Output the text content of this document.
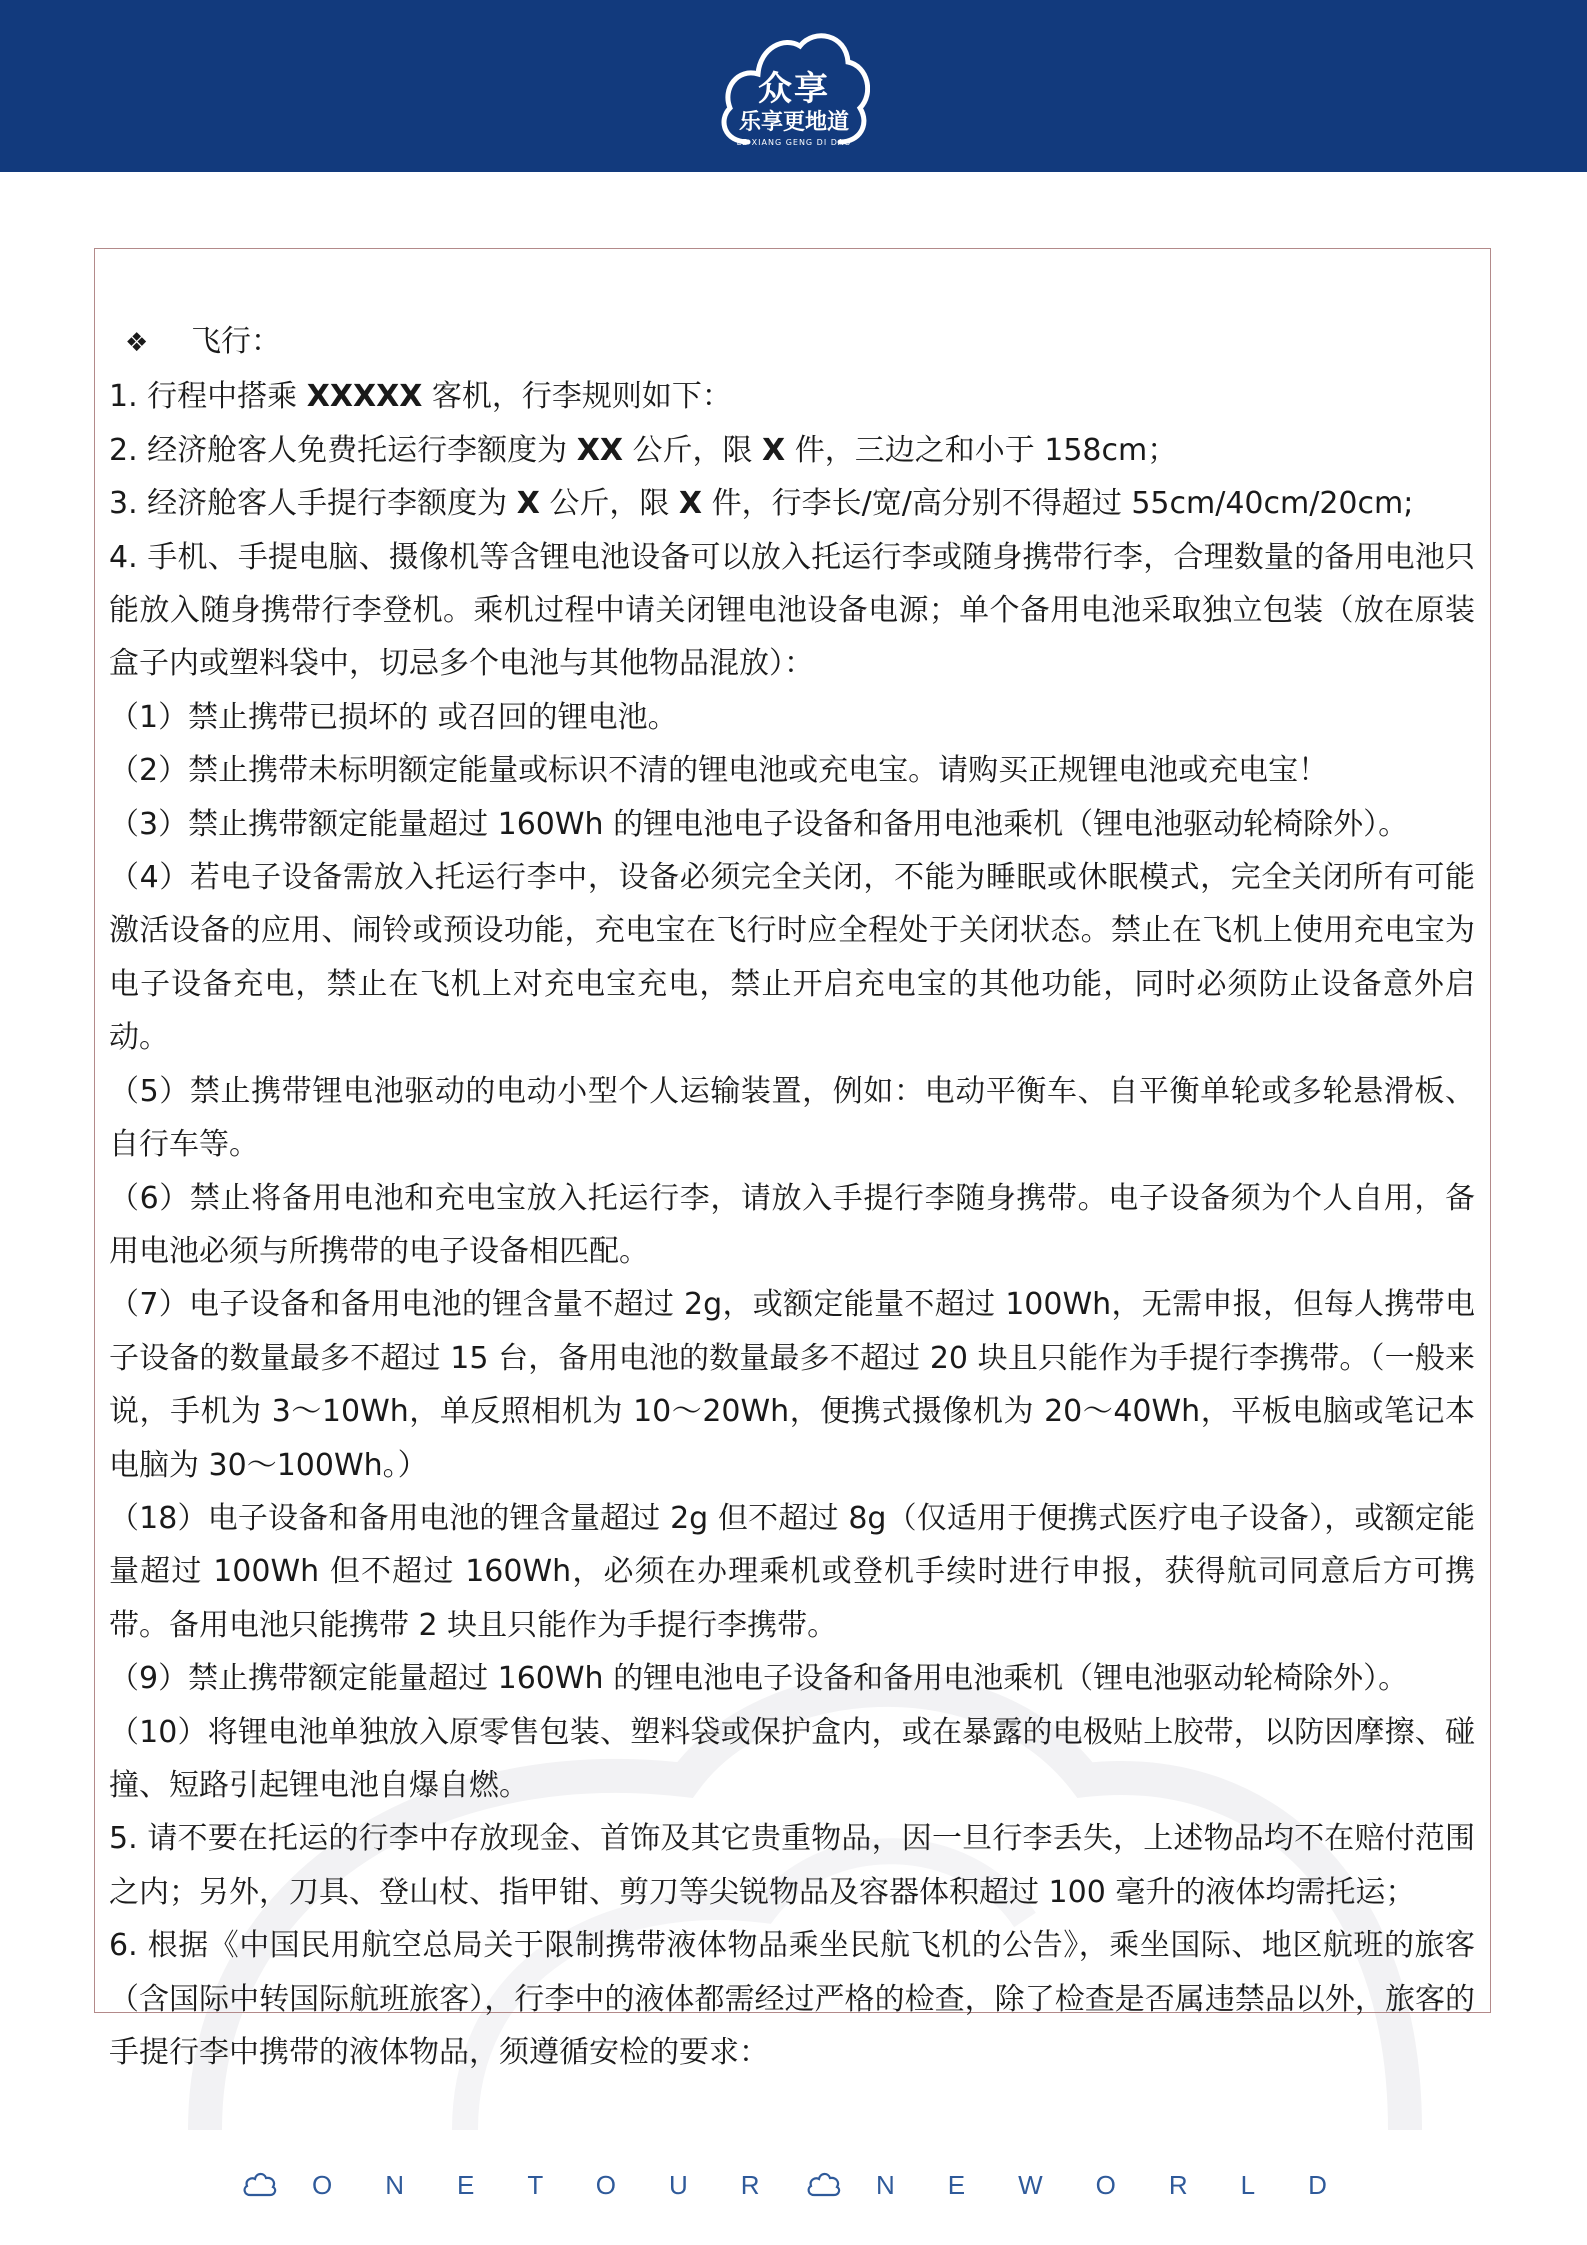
众享
乐享更地道
LE XIANG GENG DI DAO

❖ 飞行：

1. 行程中搭乘 XXXXX 客机，行李规则如下：

2. 经济舱客人免费托运行李额度为 XX 公斤，限 X 件，三边之和小于 158cm；

3. 经济舱客人手提行李额度为 X 公斤，限 X 件，行李长/宽/高分别不得超过 55cm/40cm/20cm;

4. 手机、手提电脑、摄像机等含锂电池设备可以放入托运行李或随身携带行李，合理数量的备用电池只能放入随身携带行李登机。乘机过程中请关闭锂电池设备电源；单个备用电池采取独立包装（放在原装盒子内或塑料袋中，切忌多个电池与其他物品混放）：

（1）禁止携带已损坏的 或召回的锂电池。

（2）禁止携带未标明额定能量或标识不清的锂电池或充电宝。请购买正规锂电池或充电宝！

（3）禁止携带额定能量超过 160Wh 的锂电池电子设备和备用电池乘机（锂电池驱动轮椅除外）。

（4）若电子设备需放入托运行李中，设备必须完全关闭，不能为睡眠或休眠模式，完全关闭所有可能激活设备的应用、闹铃或预设功能，充电宝在飞行时应全程处于关闭状态。禁止在飞机上使用充电宝为电子设备充电，禁止在飞机上对充电宝充电，禁止开启充电宝的其他功能，同时必须防止设备意外启动。

（5）禁止携带锂电池驱动的电动小型个人运输装置，例如：电动平衡车、自平衡单轮或多轮悬滑板、自行车等。

（6）禁止将备用电池和充电宝放入托运行李，请放入手提行李随身携带。电子设备须为个人自用，备用电池必须与所携带的电子设备相匹配。

（7）电子设备和备用电池的锂含量不超过 2g，或额定能量不超过 100Wh，无需申报，但每人携带电子设备的数量最多不超过 15 台，备用电池的数量最多不超过 20 块且只能作为手提行李携带。（一般来说，手机为 3～10Wh，单反照相机为 10～20Wh，便携式摄像机为 20～40Wh，平板电脑或笔记本电脑为 30～100Wh。）

（18）电子设备和备用电池的锂含量超过 2g 但不超过 8g（仅适用于便携式医疗电子设备），或额定能量超过 100Wh 但不超过 160Wh，必须在办理乘机或登机手续时进行申报，获得航司同意后方可携带。备用电池只能携带 2 块且只能作为手提行李携带。

（9）禁止携带额定能量超过 160Wh 的锂电池电子设备和备用电池乘机（锂电池驱动轮椅除外）。

（10）将锂电池单独放入原零售包装、塑料袋或保护盒内，或在暴露的电极贴上胶带，以防因摩擦、碰撞、短路引起锂电池自爆自燃。

5. 请不要在托运的行李中存放现金、首饰及其它贵重物品，因一旦行李丢失，上述物品均不在赔付范围之内；另外，刀具、登山杖、指甲钳、剪刀等尖锐物品及容器体积超过 100 毫升的液体均需托运；

6. 根据《中国民用航空总局关于限制携带液体物品乘坐民航飞机的公告》，乘坐国际、地区航班的旅客（含国际中转国际航班旅客），行李中的液体都需经过严格的检查，除了检查是否属违禁品以外，旅客的手提行李中携带的液体物品，须遵循安检的要求：

ONETOUR NEWORLD
